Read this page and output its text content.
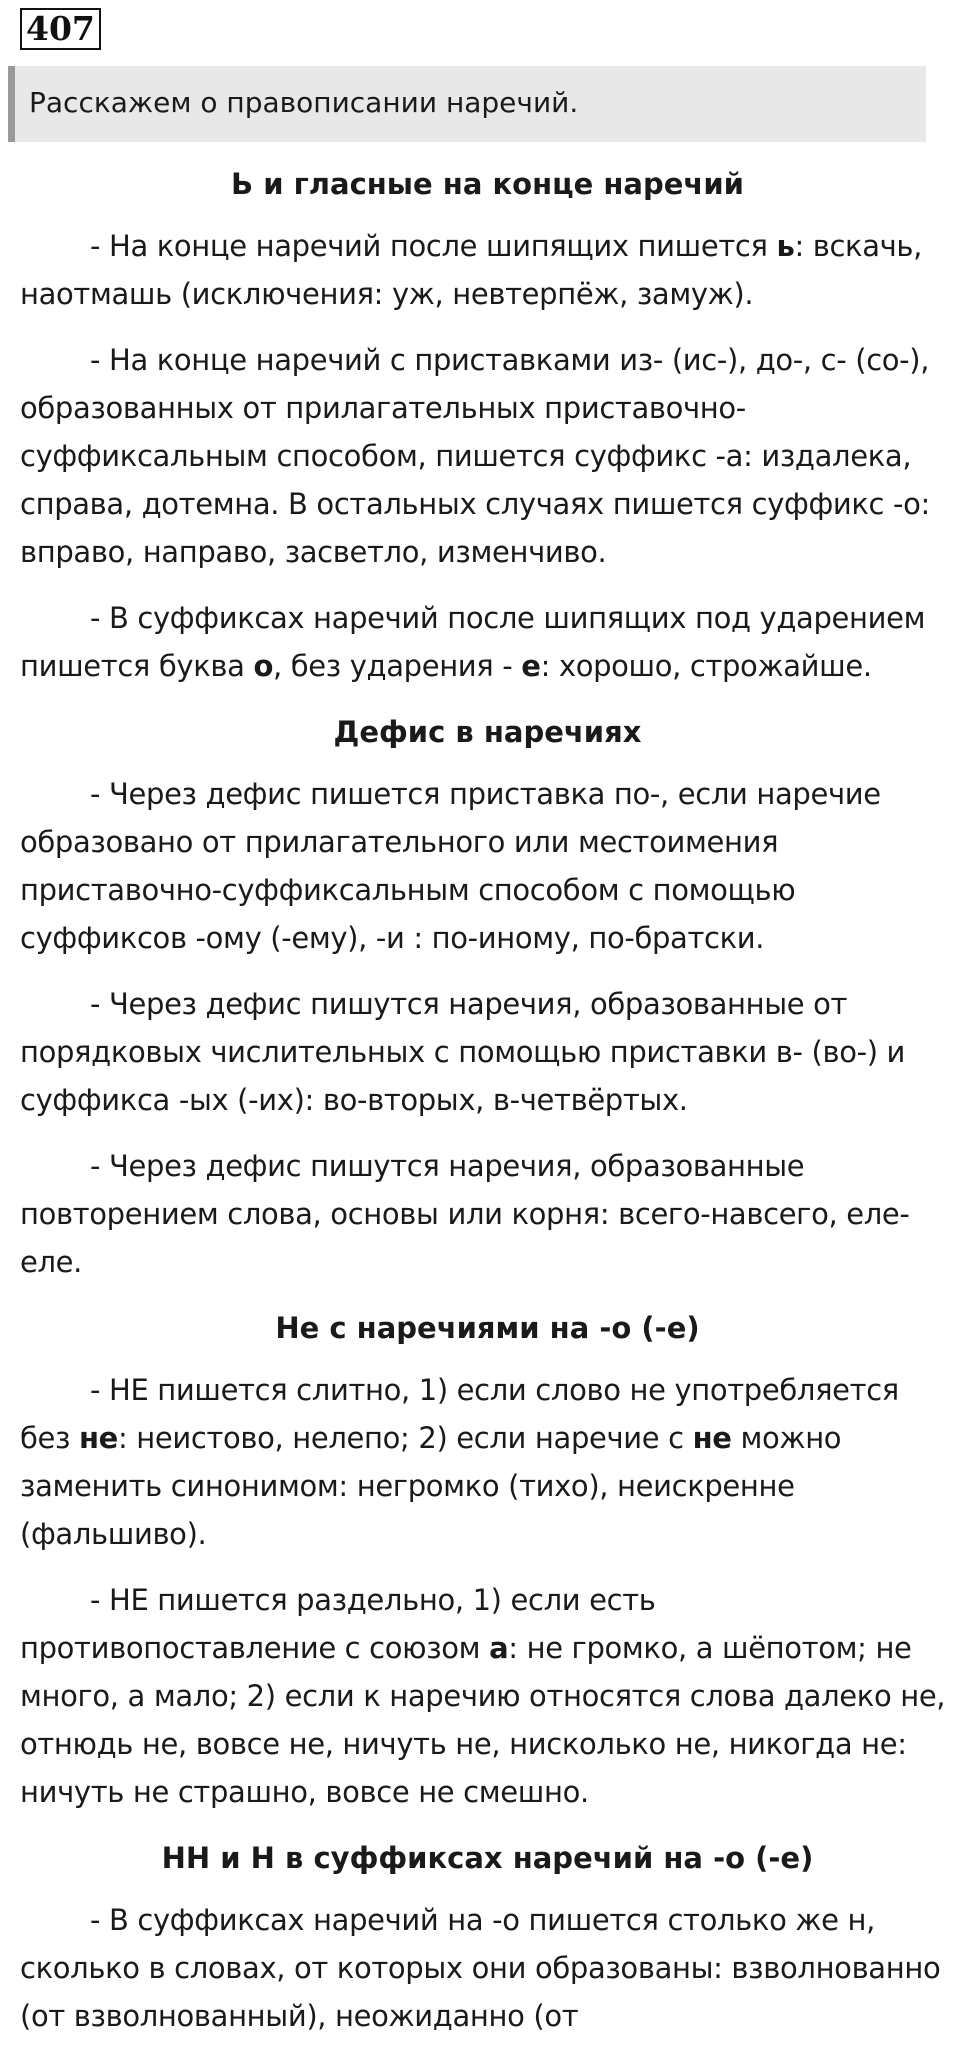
407
Расскажем о правописании наречий.
Ь и гласные на конце наречий
- На конце наречий после шипящих пишется ь: вскачь, наотмашь (исключения: уж, невтерпёж, замуж).
- На конце наречий с приставками из- (ис-), до-, с- (со-), образованных от прилагательных приставочно-суффиксальным способом, пишется суффикс -а: издалека, справа, дотемна. В остальных случаях пишется суффикс -о: вправо, направо, засветло, изменчиво.
- В суффиксах наречий после шипящих под ударением пишется буква о, без ударения - е: хорошо, строжайше.
Дефис в наречиях
- Через дефис пишется приставка по-, если наречие образовано от прилагательного или местоимения приставочно-суффиксальным способом с помощью суффиксов -ому (-ему), -и : по-иному, по-братски.
- Через дефис пишутся наречия, образованные от порядковых числительных с помощью приставки в- (во-) и суффикса -ых (-их): во-вторых, в-четвёртых.
- Через дефис пишутся наречия, образованные повторением слова, основы или корня: всего-навсего, еле-еле.
Не с наречиями на -о (-е)
- НЕ пишется слитно, 1) если слово не употребляется без не: неистово, нелепо; 2) если наречие с не можно заменить синонимом: негромко (тихо), неискренне (фальшиво).
- НЕ пишется раздельно, 1) если есть противопоставление с союзом а: не громко, а шёпотом; не много, а мало; 2) если к наречию относятся слова далеко не, отнюдь не, вовсе не, ничуть не, нисколько не, никогда не: ничуть не страшно, вовсе не смешно.
НН и Н в суффиксах наречий на -о (-е)
- В суффиксах наречий на -о пишется столько же н, сколько в словах, от которых они образованы: взволнованно (от взволнованный), неожиданно (от
